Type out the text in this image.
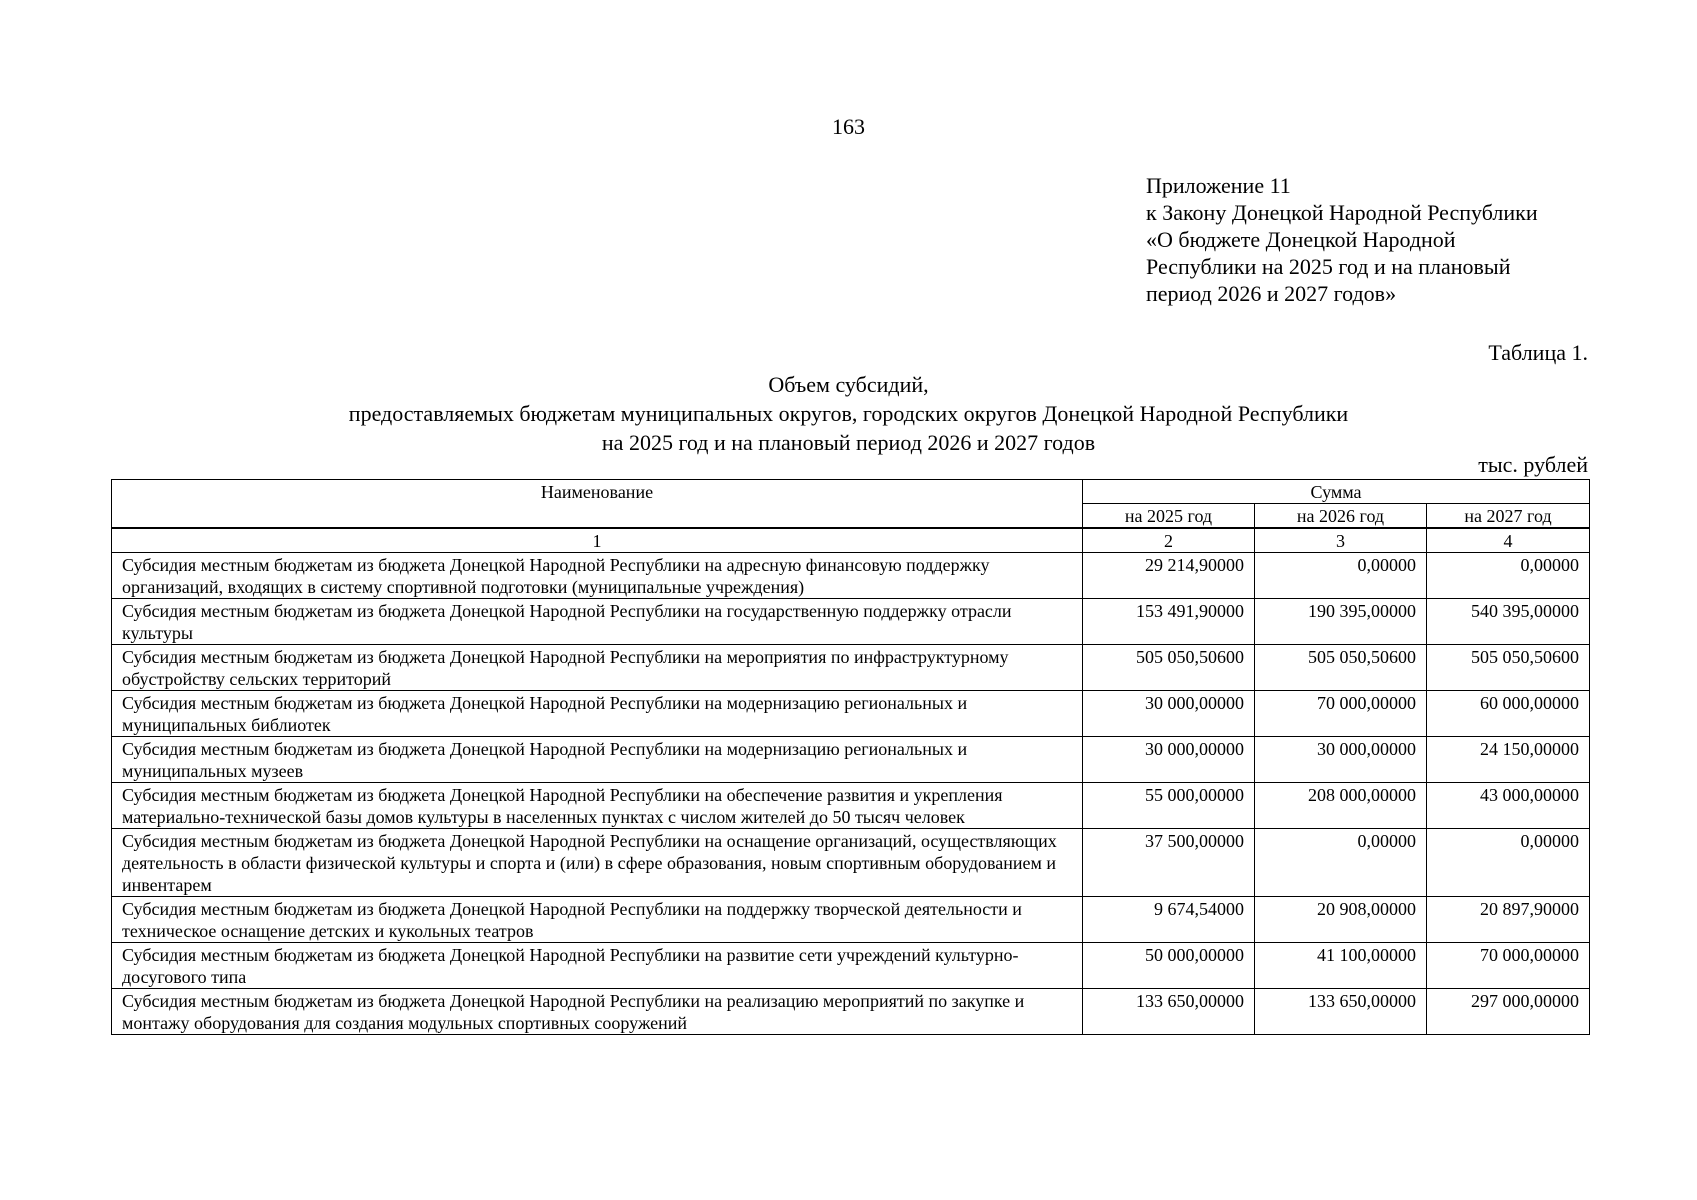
163
Приложение 11
к Закону Донецкой Народной Республики
«О бюджете Донецкой Народной
Республики на 2025 год и на плановый
период 2026 и 2027 годов»
Таблица 1.
Объем субсидий,
предоставляемых бюджетам муниципальных округов, городских округов Донецкой Народной Республики
на 2025 год и на плановый период 2026 и 2027 годов
тыс. рублей
Наименование	Сумма		
	на 2025 год	на 2026 год	на 2027 год
1	2	3	4
Субсидия местным бюджетам из бюджета Донецкой Народной Республики на адресную финансовую поддержку организаций, входящих в систему спортивной подготовки (муниципальные учреждения)	29 214,90000	0,00000	0,00000
Субсидия местным бюджетам из бюджета Донецкой Народной Республики на государственную поддержку отрасли культуры	153 491,90000	190 395,00000	540 395,00000
Субсидия местным бюджетам из бюджета Донецкой Народной Республики на мероприятия по инфраструктурному обустройству сельских территорий	505 050,50600	505 050,50600	505 050,50600
Субсидия местным бюджетам из бюджета Донецкой Народной Республики на модернизацию региональных и муниципальных библиотек	30 000,00000	70 000,00000	60 000,00000
Субсидия местным бюджетам из бюджета Донецкой Народной Республики на модернизацию региональных и муниципальных музеев	30 000,00000	30 000,00000	24 150,00000
Субсидия местным бюджетам из бюджета Донецкой Народной Республики на обеспечение развития и укрепления материально-технической базы домов культуры в населенных пунктах с числом жителей до 50 тысяч человек	55 000,00000	208 000,00000	43 000,00000
Субсидия местным бюджетам из бюджета Донецкой Народной Республики на оснащение организаций, осуществляющих деятельность в области физической культуры и спорта и (или) в сфере образования, новым спортивным оборудованием и инвентарем	37 500,00000	0,00000	0,00000
Субсидия местным бюджетам из бюджета Донецкой Народной Республики на поддержку творческой деятельности и техническое оснащение детских и кукольных театров	9 674,54000	20 908,00000	20 897,90000
Субсидия местным бюджетам из бюджета Донецкой Народной Республики на развитие сети учреждений культурно-досугового типа	50 000,00000	41 100,00000	70 000,00000
Субсидия местным бюджетам из бюджета Донецкой Народной Республики на реализацию мероприятий по закупке и монтажу оборудования для создания модульных спортивных сооружений	133 650,00000	133 650,00000	297 000,00000
